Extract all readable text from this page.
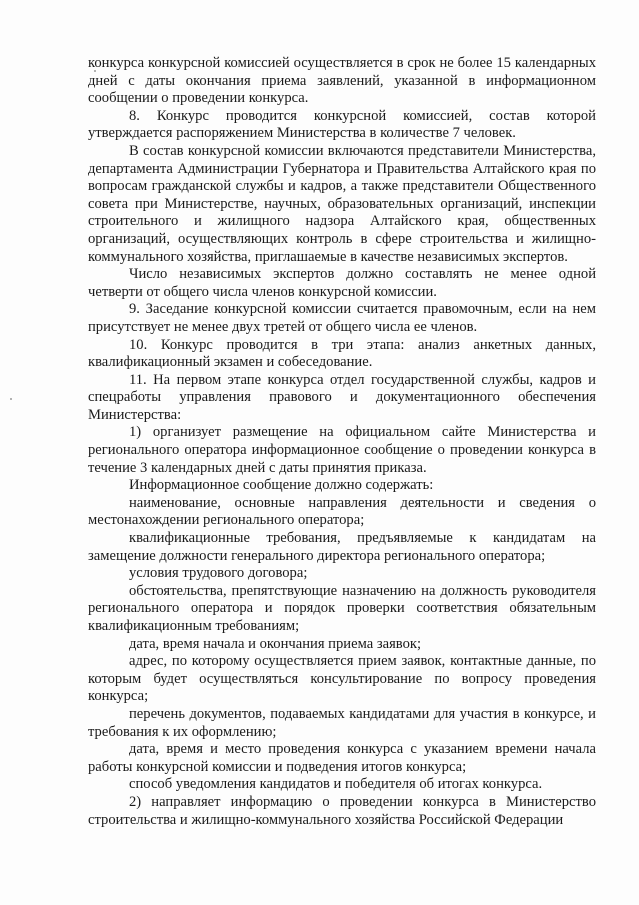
конкурса конкурсной комиссией осуществляется в срок не более 15 календарных дней с даты окончания приема заявлений, указанной в информационном сообщении о проведении конкурса.

8. Конкурс проводится конкурсной комиссией, состав которой утверждается распоряжением Министерства в количестве 7 человек.

В состав конкурсной комиссии включаются представители Министерства, департамента Администрации Губернатора и Правительства Алтайского края по вопросам гражданской службы и кадров, а также представители Общественного совета при Министерстве, научных, образовательных организаций, инспекции строительного и жилищного надзора Алтайского края, общественных организаций, осуществляющих контроль в сфере строительства и жилищно-коммунального хозяйства, приглашаемые в качестве независимых экспертов.

Число независимых экспертов должно составлять не менее одной четверти от общего числа членов конкурсной комиссии.

9. Заседание конкурсной комиссии считается правомочным, если на нем присутствует не менее двух третей от общего числа ее членов.

10. Конкурс проводится в три этапа: анализ анкетных данных, квалификационный экзамен и собеседование.

11. На первом этапе конкурса отдел государственной службы, кадров и спецработы управления правового и документационного обеспечения Министерства:

1) организует размещение на официальном сайте Министерства и регионального оператора информационное сообщение о проведении конкурса в течение 3 календарных дней с даты принятия приказа.

Информационное сообщение должно содержать:

наименование, основные направления деятельности и сведения о местонахождении регионального оператора;

квалификационные требования, предъявляемые к кандидатам на замещение должности генерального директора регионального оператора;

условия трудового договора;

обстоятельства, препятствующие назначению на должность руководителя регионального оператора и порядок проверки соответствия обязательным квалификационным требованиям;

дата, время начала и окончания приема заявок;

адрес, по которому осуществляется прием заявок, контактные данные, по которым будет осуществляться консультирование по вопросу проведения конкурса;

перечень документов, подаваемых кандидатами для участия в конкурсе, и требования к их оформлению;

дата, время и место проведения конкурса с указанием времени начала работы конкурсной комиссии и подведения итогов конкурса;

способ уведомления кандидатов и победителя об итогах конкурса.

2) направляет информацию о проведении конкурса в Министерство строительства и жилищно-коммунального хозяйства Российской Федерации
